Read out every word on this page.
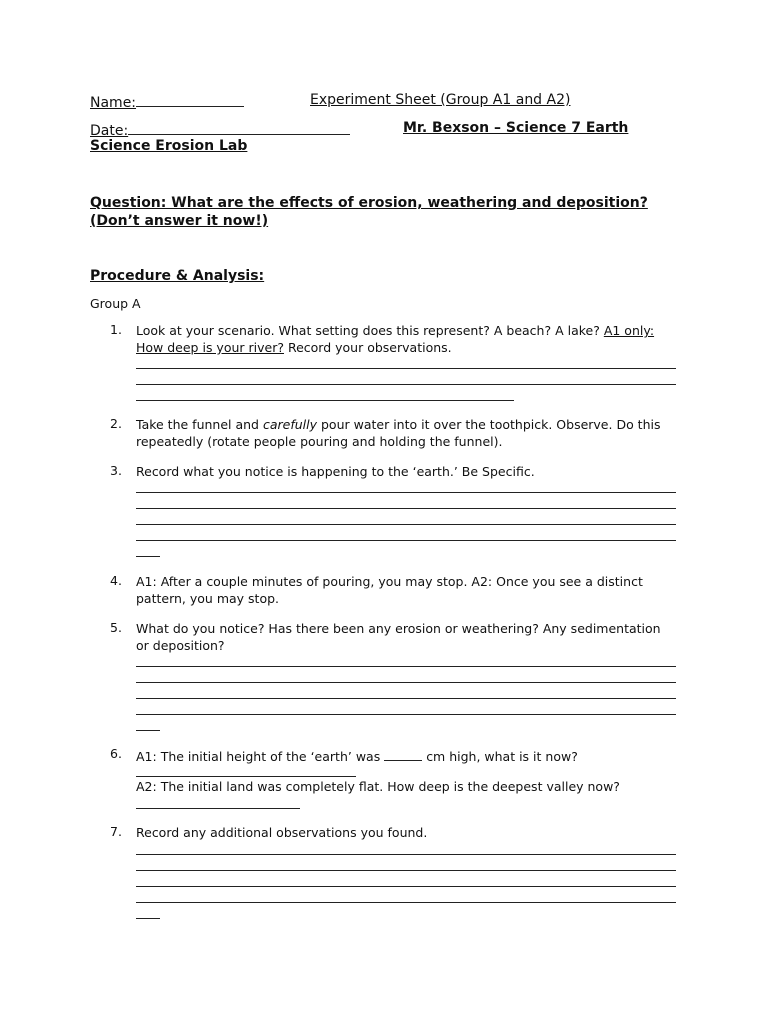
Name:	Experiment Sheet (Group A1 and A2)
Date:	Mr. Bexson – Science 7 Earth
Science Erosion Lab
Question: What are the effects of erosion, weathering and deposition?
(Don’t answer it now!)
Procedure & Analysis:
Group A
1. Look at your scenario. What setting does this represent? A beach? A lake? A1 only:
How deep is your river? Record your observations.
2. Take the funnel and carefully pour water into it over the toothpick. Observe. Do this
repeatedly (rotate people pouring and holding the funnel).
3. Record what you notice is happening to the ‘earth.’ Be Specific.
4. A1: After a couple minutes of pouring, you may stop. A2: Once you see a distinct
pattern, you may stop.
5. What do you notice? Has there been any erosion or weathering? Any sedimentation
or deposition?
6. A1: The initial height of the ‘earth’ was	cm high, what is it now?
A2: The initial land was completely flat. How deep is the deepest valley now?
7. Record any additional observations you found.
